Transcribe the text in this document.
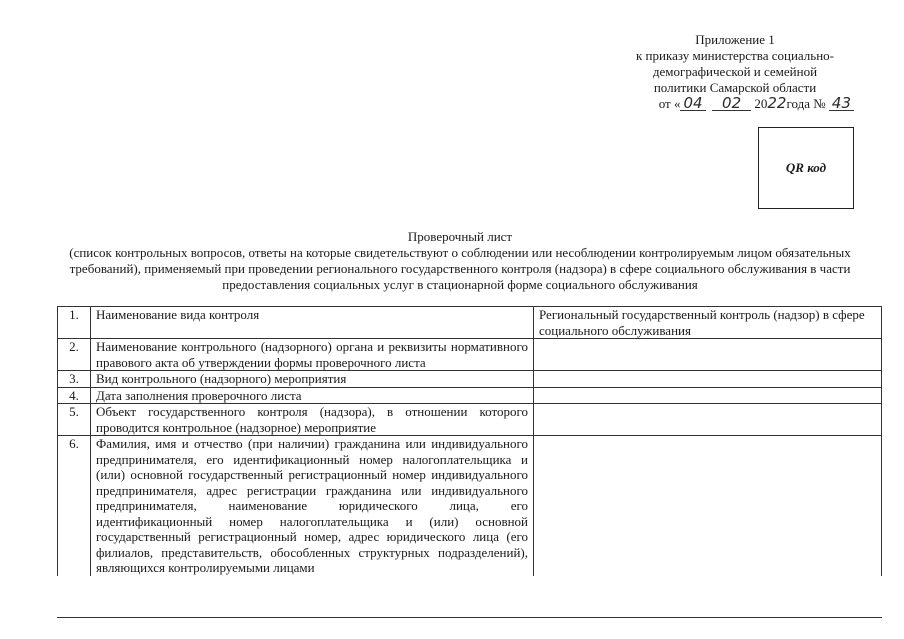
Приложение 1
к приказу министерства социально-
демографической и семейной
политики Самарской области
от « 04 02 2022года № 43
QR код
Проверочный лист
(список контрольных вопросов, ответы на которые свидетельствуют о соблюдении или несоблюдении контролируемым лицом обязательных требований), применяемый при проведении регионального государственного контроля (надзора) в сфере социального обслуживания в части предоставления социальных услуг в стационарной форме социального обслуживания
1.	Наименование вида контроля	Региональный государственный контроль (надзор) в сфере социального обслуживания
2.	Наименование контрольного (надзорного) органа и реквизиты нормативного правового акта об утверждении формы проверочного листа	
3.	Вид контрольного (надзорного) мероприятия	
4.	Дата заполнения проверочного листа	
5.	Объект государственного контроля (надзора), в отношении которого проводится контрольное (надзорное) мероприятие	
6.	Фамилия, имя и отчество (при наличии) гражданина или индивидуального предпринимателя, его идентификационный номер налогоплательщика и (или) основной государственный регистрационный номер индивидуального предпринимателя, адрес регистрации гражданина или индивидуального предпринимателя, наименование юридического лица, его идентификационный номер налогоплательщика и (или) основной государственный регистрационный номер, адрес юридического лица (его филиалов, представительств, обособленных структурных подразделений), являющихся контролируемыми лицами	
